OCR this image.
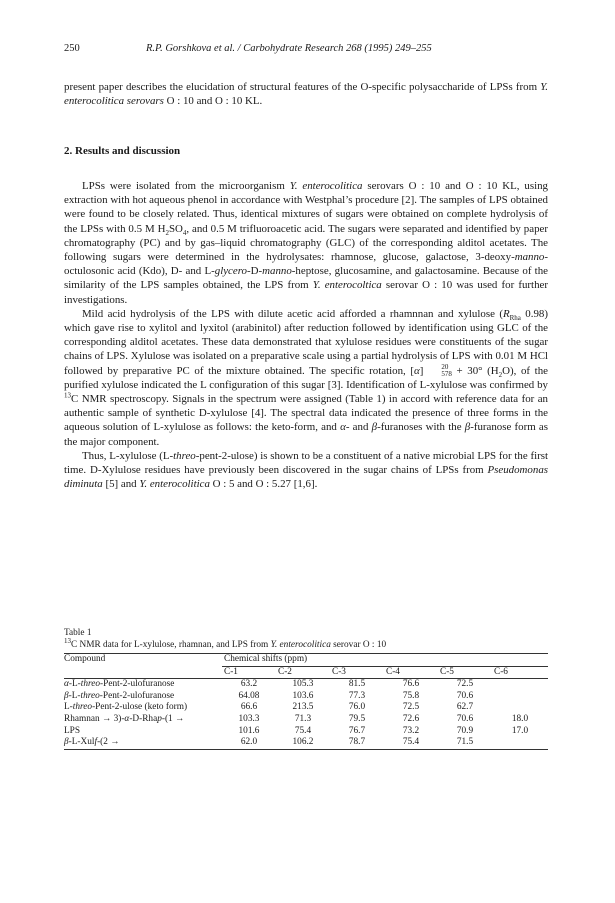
250	R.P. Gorshkova et al. / Carbohydrate Research 268 (1995) 249–255

present paper describes the elucidation of structural features of the O-specific polysaccharide of LPSs from Y. enterocolitica serovars O : 10 and O : 10 KL.

2. Results and discussion

LPSs were isolated from the microorganism Y. enterocolitica serovars O : 10 and O : 10 KL, using extraction with hot aqueous phenol in accordance with Westphal’s procedure [2]. The samples of LPS obtained were found to be closely related. Thus, identical mixtures of sugars were obtained on complete hydrolysis of the LPSs with 0.5 M $H_2SO_4$, and 0.5 M trifluoroacetic acid. The sugars were separated and identified by paper chromatography (PC) and by gas–liquid chromatography (GLC) of the corresponding alditol acetates. The following sugars were determined in the hydrolysates: rhamnose, glucose, galactose, 3-deoxy-manno-octulosonic acid (Kdo), D- and L-glycero-D-manno-heptose, glucosamine, and galactosamine. Because of the similarity of the LPS samples obtained, the LPS from Y. enterocoltica serovar O : 10 was used for further investigations.

Mild acid hydrolysis of the LPS with dilute acetic acid afforded a rhamnnan and xylulose ($R_{Rha}$ 0.98) which gave rise to xylitol and lyxitol (arabinitol) after reduction followed by identification using GLC of the corresponding alditol acetates. These data demonstrated that xylulose residues were constituents of the sugar chains of LPS. Xylulose was isolated on a preparative scale using a partial hydrolysis of LPS with 0.01 M HCl followed by preparative PC of the mixture obtained. The specific rotation, [α]	20
578 + 30° $(H_2O)$, of the purified xylulose indicated the L configuration of this sugar [3]. Identification of L-xylulose was confirmed by $^{13}$C NMR spectroscopy. Signals in the spectrum were assigned (Table 1) in accord with reference data for an authentic sample of synthetic D-xylulose [4]. The spectral data indicated the presence of three forms in the aqueous solution of L-xylulose as follows: the keto-form, and α- and β-furanoses with the β-furanose form as the major component.

Thus, L-xylulose (L-threo-pent-2-ulose) is shown to be a constituent of a native microbial LPS for the first time. D-Xylulose residues have previously been discovered in the sugar chains of LPSs from Pseudomonas diminuta [5] and Y. enterocolitica O : 5 and O : 5.27 [1,6].

Table 1
$^{13}$C NMR data for L-xylulose, rhamnan, and LPS from Y. enterocolitica serovar O : 10
Compound	Chemical shifts (ppm)					
	C-1	C-2	C-3	C-4	C-5	C-6
α-L-threo-Pent-2-ulofuranose	63.2	105.3	81.5	76.6	72.5	
β-L-threo-Pent-2-ulofuranose	64.08	103.6	77.3	75.8	70.6	
L-threo-Pent-2-ulose (keto form)	66.6	213.5	76.0	72.5	62.7	
Rhamnan → 3)-α-D-Rhap-(1 →	103.3	71.3	79.5	72.6	70.6	18.0
LPS	101.6	75.4	76.7	73.2	70.9	17.0
β-L-Xulf-(2 →	62.0	106.2	78.7	75.4	71.5	
